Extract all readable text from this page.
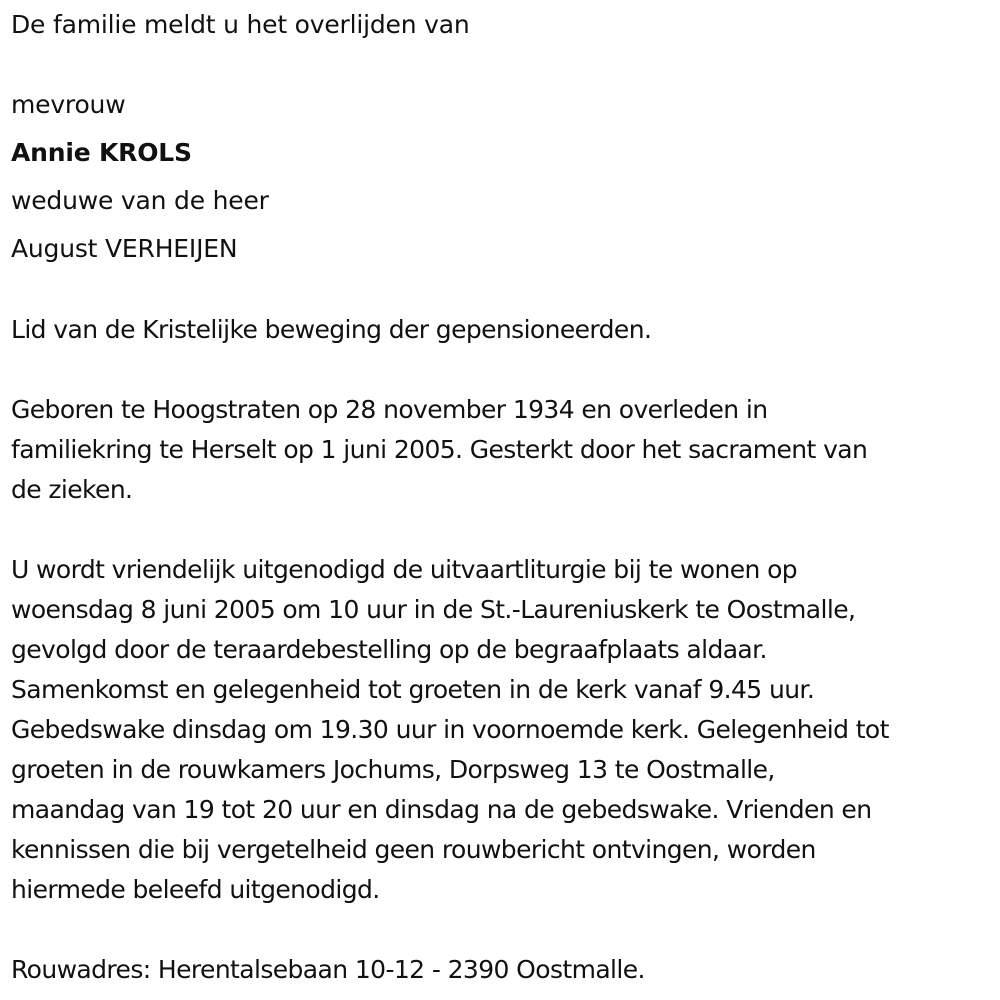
De familie meldt u het overlijden van
mevrouw
Annie KROLS
weduwe van de heer
August VERHEIJEN
Lid van de Kristelijke beweging der gepensioneerden.
Geboren te Hoogstraten op 28 november 1934 en overleden in
familiekring te Herselt op 1 juni 2005. Gesterkt door het sacrament van
de zieken.
U wordt vriendelijk uitgenodigd de uitvaartliturgie bij te wonen op
woensdag 8 juni 2005 om 10 uur in de St.-Laureniuskerk te Oostmalle,
gevolgd door de teraardebestelling op de begraafplaats aldaar.
Samenkomst en gelegenheid tot groeten in de kerk vanaf 9.45 uur.
Gebedswake dinsdag om 19.30 uur in voornoemde kerk. Gelegenheid tot
groeten in de rouwkamers Jochums, Dorpsweg 13 te Oostmalle,
maandag van 19 tot 20 uur en dinsdag na de gebedswake. Vrienden en
kennissen die bij vergetelheid geen rouwbericht ontvingen, worden
hiermede beleefd uitgenodigd.
Rouwadres: Herentalsebaan 10-12 - 2390 Oostmalle.
